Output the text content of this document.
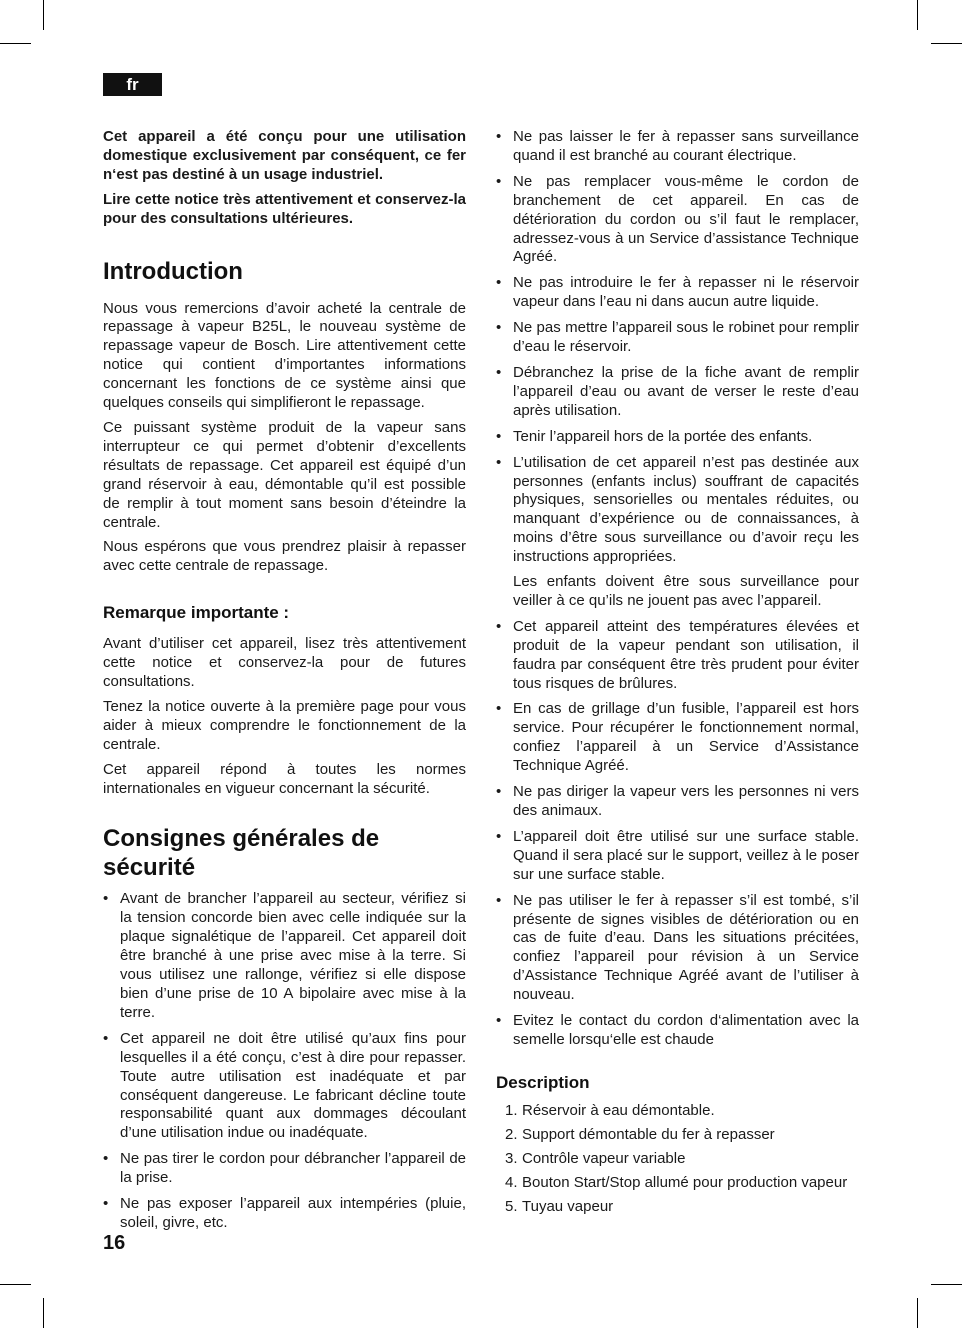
fr

Cet appareil a été conçu pour une utilisation domestique exclusivement par conséquent, ce fer n‘est pas destiné à un usage industriel.

Lire cette notice très attentivement et conservez-la pour des consultations ultérieures.

Introduction

Nous vous remercions d’avoir acheté la centrale de repassage à vapeur B25L, le nouveau système de repassage vapeur de Bosch. Lire attentivement cette notice qui contient d’importantes informations concernant les fonctions de ce système ainsi que quelques conseils qui simplifieront le repassage.

Ce puissant système produit de la vapeur sans interrupteur ce qui permet d’obtenir d’excellents résultats de repassage. Cet appareil est équipé d’un grand réservoir à eau, démontable qu’il est possible de remplir à tout moment sans besoin d’éteindre la centrale.

Nous espérons que vous prendrez plaisir à repasser avec cette centrale de repassage.

Remarque importante :

Avant d’utiliser cet appareil, lisez très attentivement cette notice et conservez-la pour de futures consultations.

Tenez la notice ouverte à la première page pour vous aider à mieux comprendre le fonctionnement de la centrale.

Cet appareil répond à toutes les normes internationales en vigueur concernant la sécurité.

Consignes générales de sécurité
• Avant de brancher l’appareil au secteur, vérifiez si la tension concorde bien avec celle indiquée sur la plaque signalétique de l’appareil. Cet appareil doit être branché à une prise avec mise à la terre. Si vous utilisez une rallonge, vérifiez si elle dispose bien d’une prise de 10 A bipolaire avec mise à la terre.
• Cet appareil ne doit être utilisé qu’aux fins pour lesquelles il a été conçu, c’est à dire pour repasser. Toute autre utilisation est inadéquate et par conséquent dangereuse. Le fabricant décline toute responsabilité quant aux dommages découlant d’une utilisation indue ou inadéquate.
• Ne pas tirer le cordon pour débrancher l’appareil de la prise.
• Ne pas exposer l’appareil aux intempéries (pluie, soleil, givre, etc.
• Ne pas laisser le fer à repasser sans surveillance quand il est branché au courant électrique.
• Ne pas remplacer vous-même le cordon de branchement de cet appareil. En cas de détérioration du cordon ou s’il faut le remplacer, adressez-vous à un Service d’assistance Technique Agréé.
• Ne pas introduire le fer à repasser ni le réservoir vapeur dans l’eau ni dans aucun autre liquide.
• Ne pas mettre l’appareil sous le robinet pour remplir d’eau le réservoir.
• Débranchez la prise de la fiche avant de remplir l’appareil d’eau ou avant de verser le reste d’eau après utilisation.
• Tenir l’appareil hors de la portée des enfants.
• L’utilisation de cet appareil n’est pas destinée aux personnes (enfants inclus) souffrant de capacités physiques, sensorielles ou mentales réduites, ou manquant d’expérience ou de connaissances, à moins d’être sous surveillance ou d’avoir reçu les instructions appropriées.
Les enfants doivent être sous surveillance pour veiller à ce qu’ils ne jouent pas avec l’appareil.
• Cet appareil atteint des températures élevées et produit de la vapeur pendant son utilisation, il faudra par conséquent être très prudent pour éviter tous risques de brûlures.
• En cas de grillage d’un fusible, l’appareil est hors service. Pour récupérer le fonctionnement normal, confiez l’appareil à un Service d’Assistance Technique Agréé.
• Ne pas diriger la vapeur vers les personnes ni vers des animaux.
• L’appareil doit être utilisé sur une surface stable. Quand il sera placé sur le support, veillez à le poser sur une surface stable.
• Ne pas utiliser le fer à repasser s’il est tombé, s’il présente de signes visibles de détérioration ou en cas de fuite d’eau. Dans les situations précitées, confiez l’appareil pour révision à un Service d’Assistance Technique Agréé avant de l’utiliser à nouveau.
• Evitez le contact du cordon d‘alimentation avec la semelle lorsqu‘elle est chaude
Description
1. Réservoir à eau démontable.
2. Support démontable du fer à repasser
3. Contrôle vapeur variable
4. Bouton Start/Stop allumé pour production vapeur
5. Tuyau vapeur
16
